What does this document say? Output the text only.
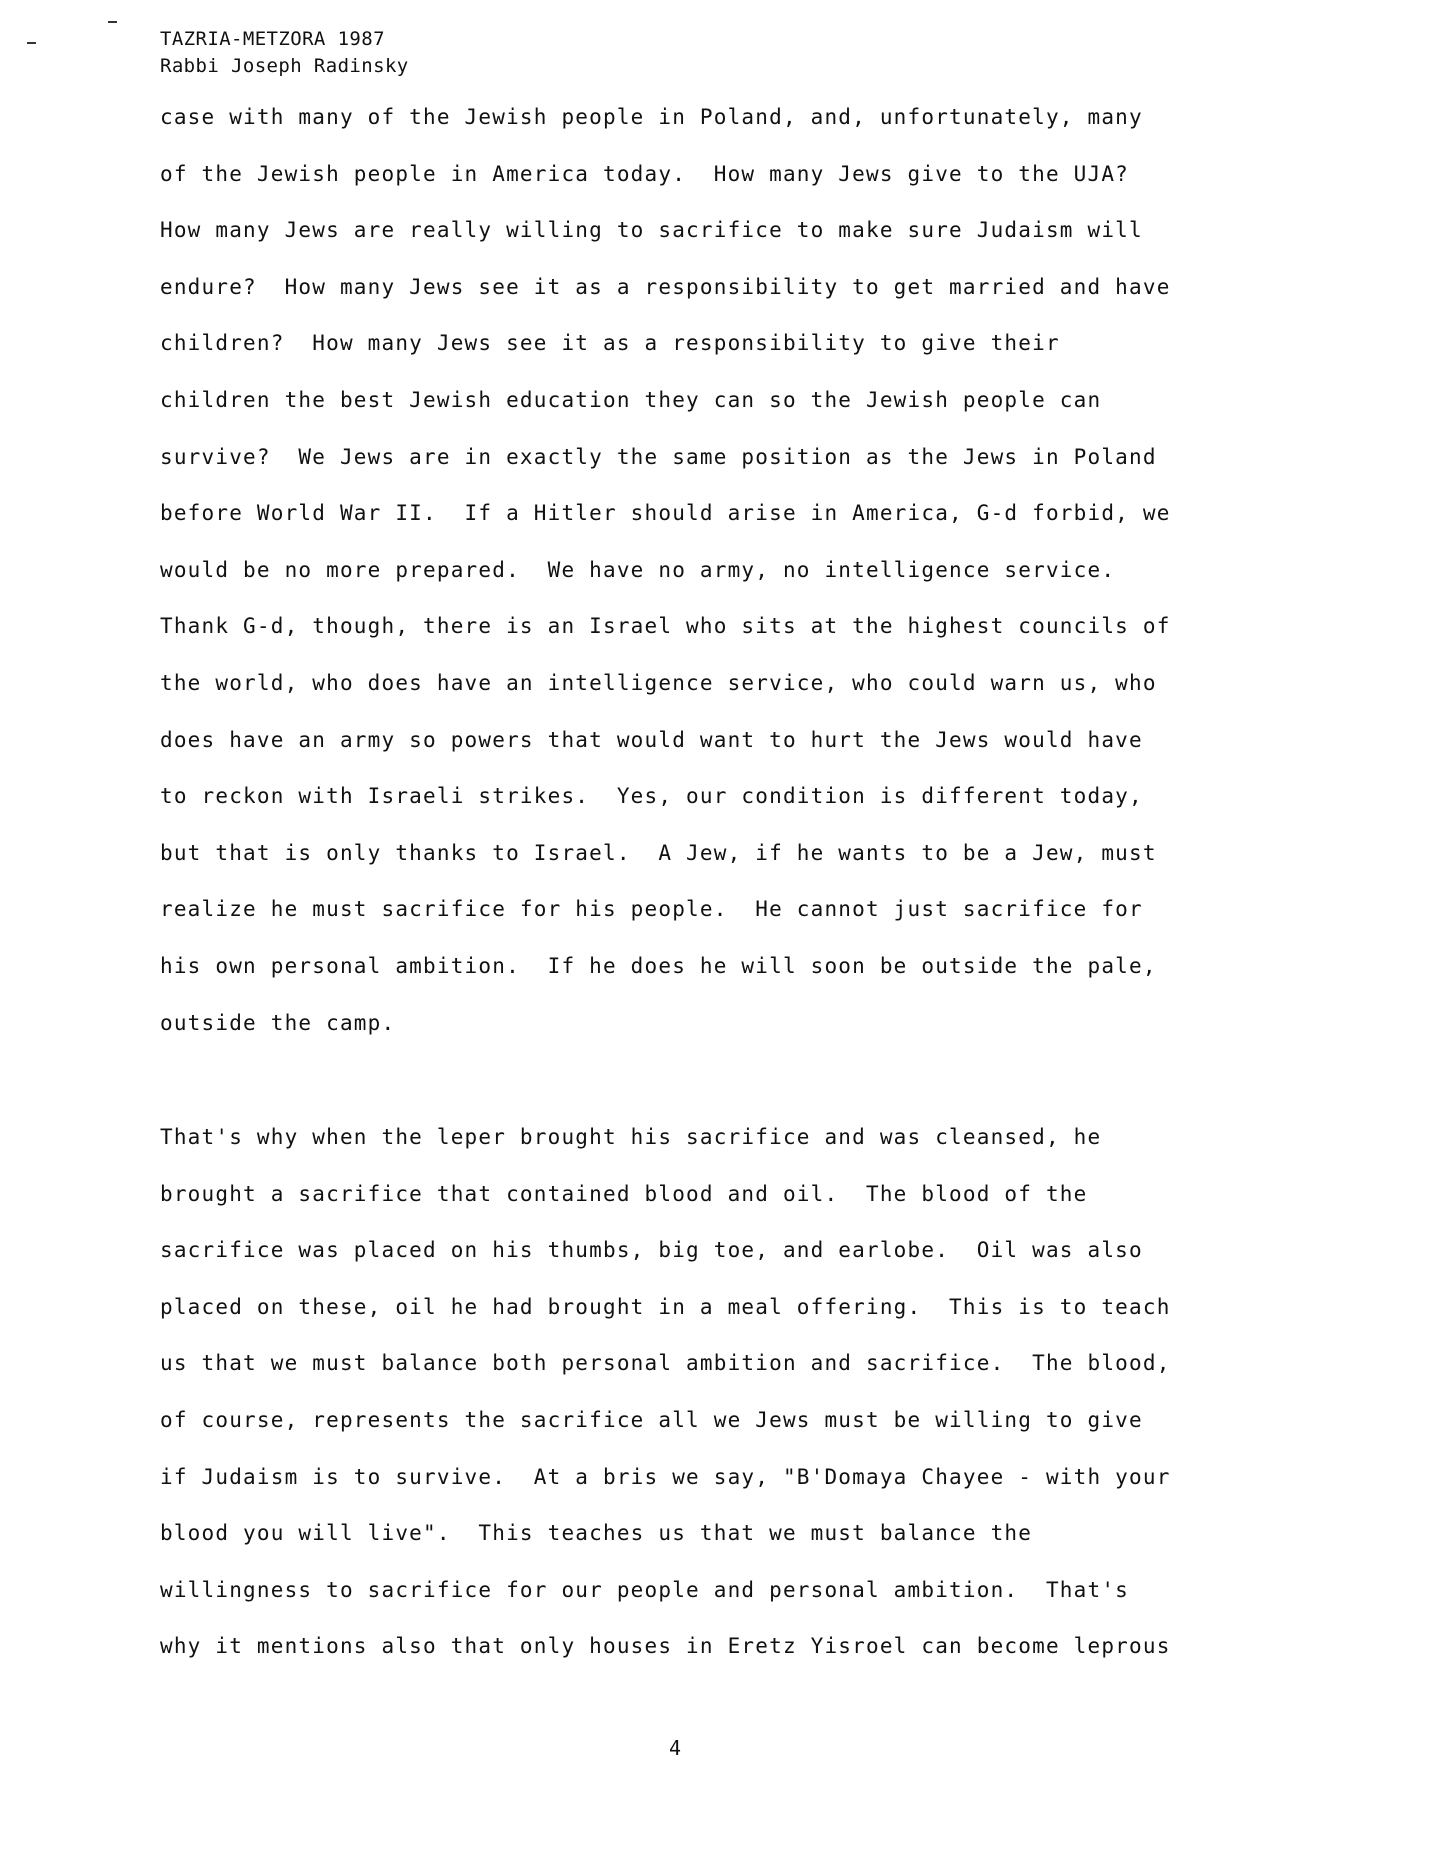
TAZRIA-METZORA 1987
Rabbi Joseph Radinsky
case with many of the Jewish people in Poland, and, unfortunately, many
of the Jewish people in America today.  How many Jews give to the UJA?
How many Jews are really willing to sacrifice to make sure Judaism will
endure?  How many Jews see it as a responsibility to get married and have
children?  How many Jews see it as a responsibility to give their
children the best Jewish education they can so the Jewish people can
survive?  We Jews are in exactly the same position as the Jews in Poland
before World War II.  If a Hitler should arise in America, G-d forbid, we
would be no more prepared.  We have no army, no intelligence service.
Thank G-d, though, there is an Israel who sits at the highest councils of
the world, who does have an intelligence service, who could warn us, who
does have an army so powers that would want to hurt the Jews would have
to reckon with Israeli strikes.  Yes, our condition is different today,
but that is only thanks to Israel.  A Jew, if he wants to be a Jew, must
realize he must sacrifice for his people.  He cannot just sacrifice for
his own personal ambition.  If he does he will soon be outside the pale,
outside the camp.
That's why when the leper brought his sacrifice and was cleansed, he
brought a sacrifice that contained blood and oil.  The blood of the
sacrifice was placed on his thumbs, big toe, and earlobe.  Oil was also
placed on these, oil he had brought in a meal offering.  This is to teach
us that we must balance both personal ambition and sacrifice.  The blood,
of course, represents the sacrifice all we Jews must be willing to give
if Judaism is to survive.  At a bris we say, "B'Domaya Chayee - with your
blood you will live".  This teaches us that we must balance the
willingness to sacrifice for our people and personal ambition.  That's
why it mentions also that only houses in Eretz Yisroel can become leprous
4
